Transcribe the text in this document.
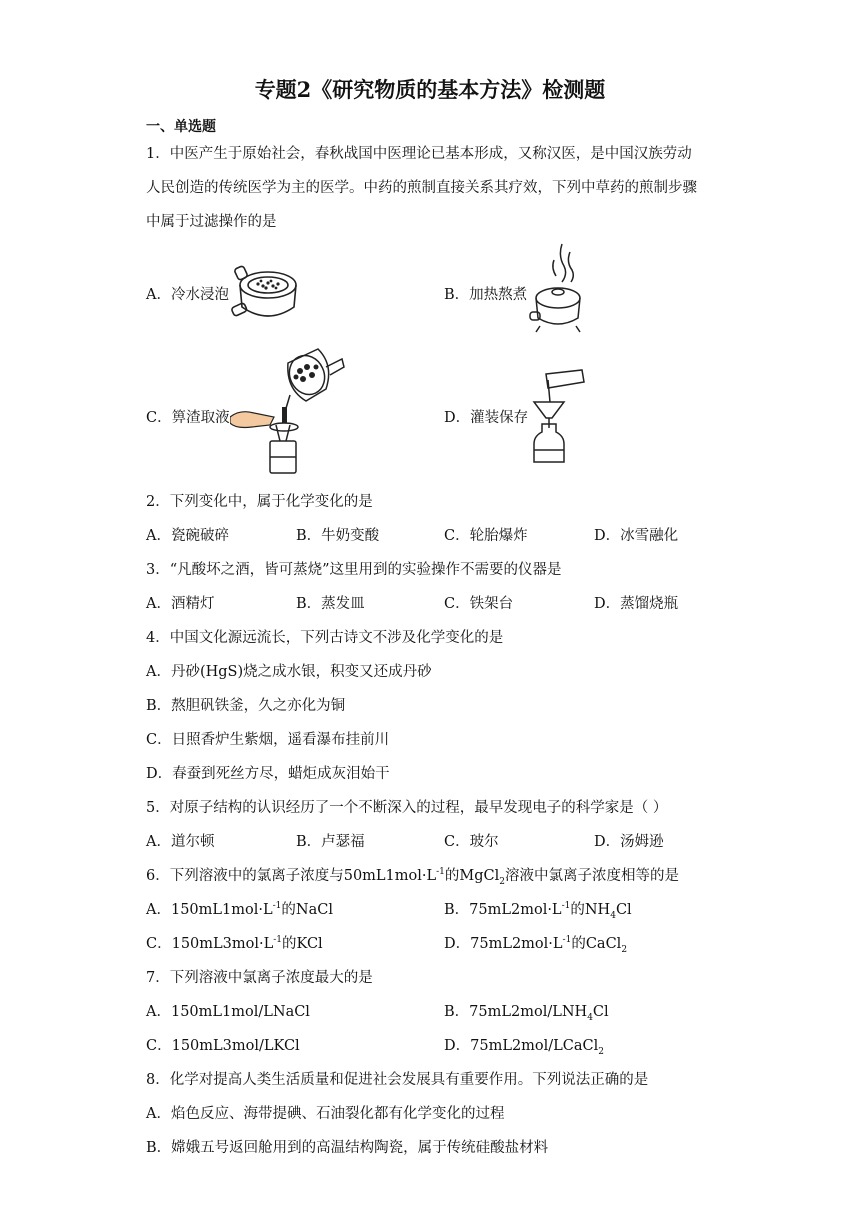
专题2《研究物质的基本方法》检测题
一、单选题
1．中医产生于原始社会，春秋战国中医理论已基本形成，又称汉医，是中国汉族劳动
人民创造的传统医学为主的医学。中药的煎制直接关系其疗效，下列中草药的煎制步骤
中属于过滤操作的是
A．冷水浸泡	B．加热熬煮
C．箅渣取液	D．灌装保存
2．下列变化中，属于化学变化的是
A．瓷碗破碎	B．牛奶变酸	C．轮胎爆炸	D．冰雪融化
3．“凡酸坏之酒，皆可蒸烧”这里用到的实验操作不需要的仪器是
A．酒精灯	B．蒸发皿	C．铁架台	D．蒸馏烧瓶
4．中国文化源远流长，下列古诗文不涉及化学变化的是
A．丹砂(HgS)烧之成水银，积变又还成丹砂
B．熬胆矾铁釜，久之亦化为铜
C．日照香炉生紫烟，遥看瀑布挂前川
D．春蚕到死丝方尽，蜡炬成灰泪始干
5．对原子结构的认识经历了一个不断深入的过程，最早发现电子的科学家是（ ）
A．道尔顿	B．卢瑟福	C．玻尔	D．汤姆逊
6．下列溶液中的氯离子浓度与$50mL1mol\cdot L^{-1}$的MgCl$_2$溶液中氯离子浓度相等的是
A．$150mL1mol\cdot L^{-1}$的NaCl	B．$75mL2mol\cdot L^{-1}$的$NH_4Cl$
C．$150mL3mol\cdot L^{-1}$的KCl	D．$75mL2mol\cdot L^{-1}$的CaCl$_2$
7．下列溶液中氯离子浓度最大的是
A．150mL1mol/LNaCl	B．$75mL2mol/LNH_4Cl$
C．150mL3mol/LKCl	D．75mL2mol/LCaCl$_2$
8．化学对提高人类生活质量和促进社会发展具有重要作用。下列说法正确的是
A．焰色反应、海带提碘、石油裂化都有化学变化的过程
B．嫦娥五号返回舱用到的高温结构陶瓷，属于传统硅酸盐材料
